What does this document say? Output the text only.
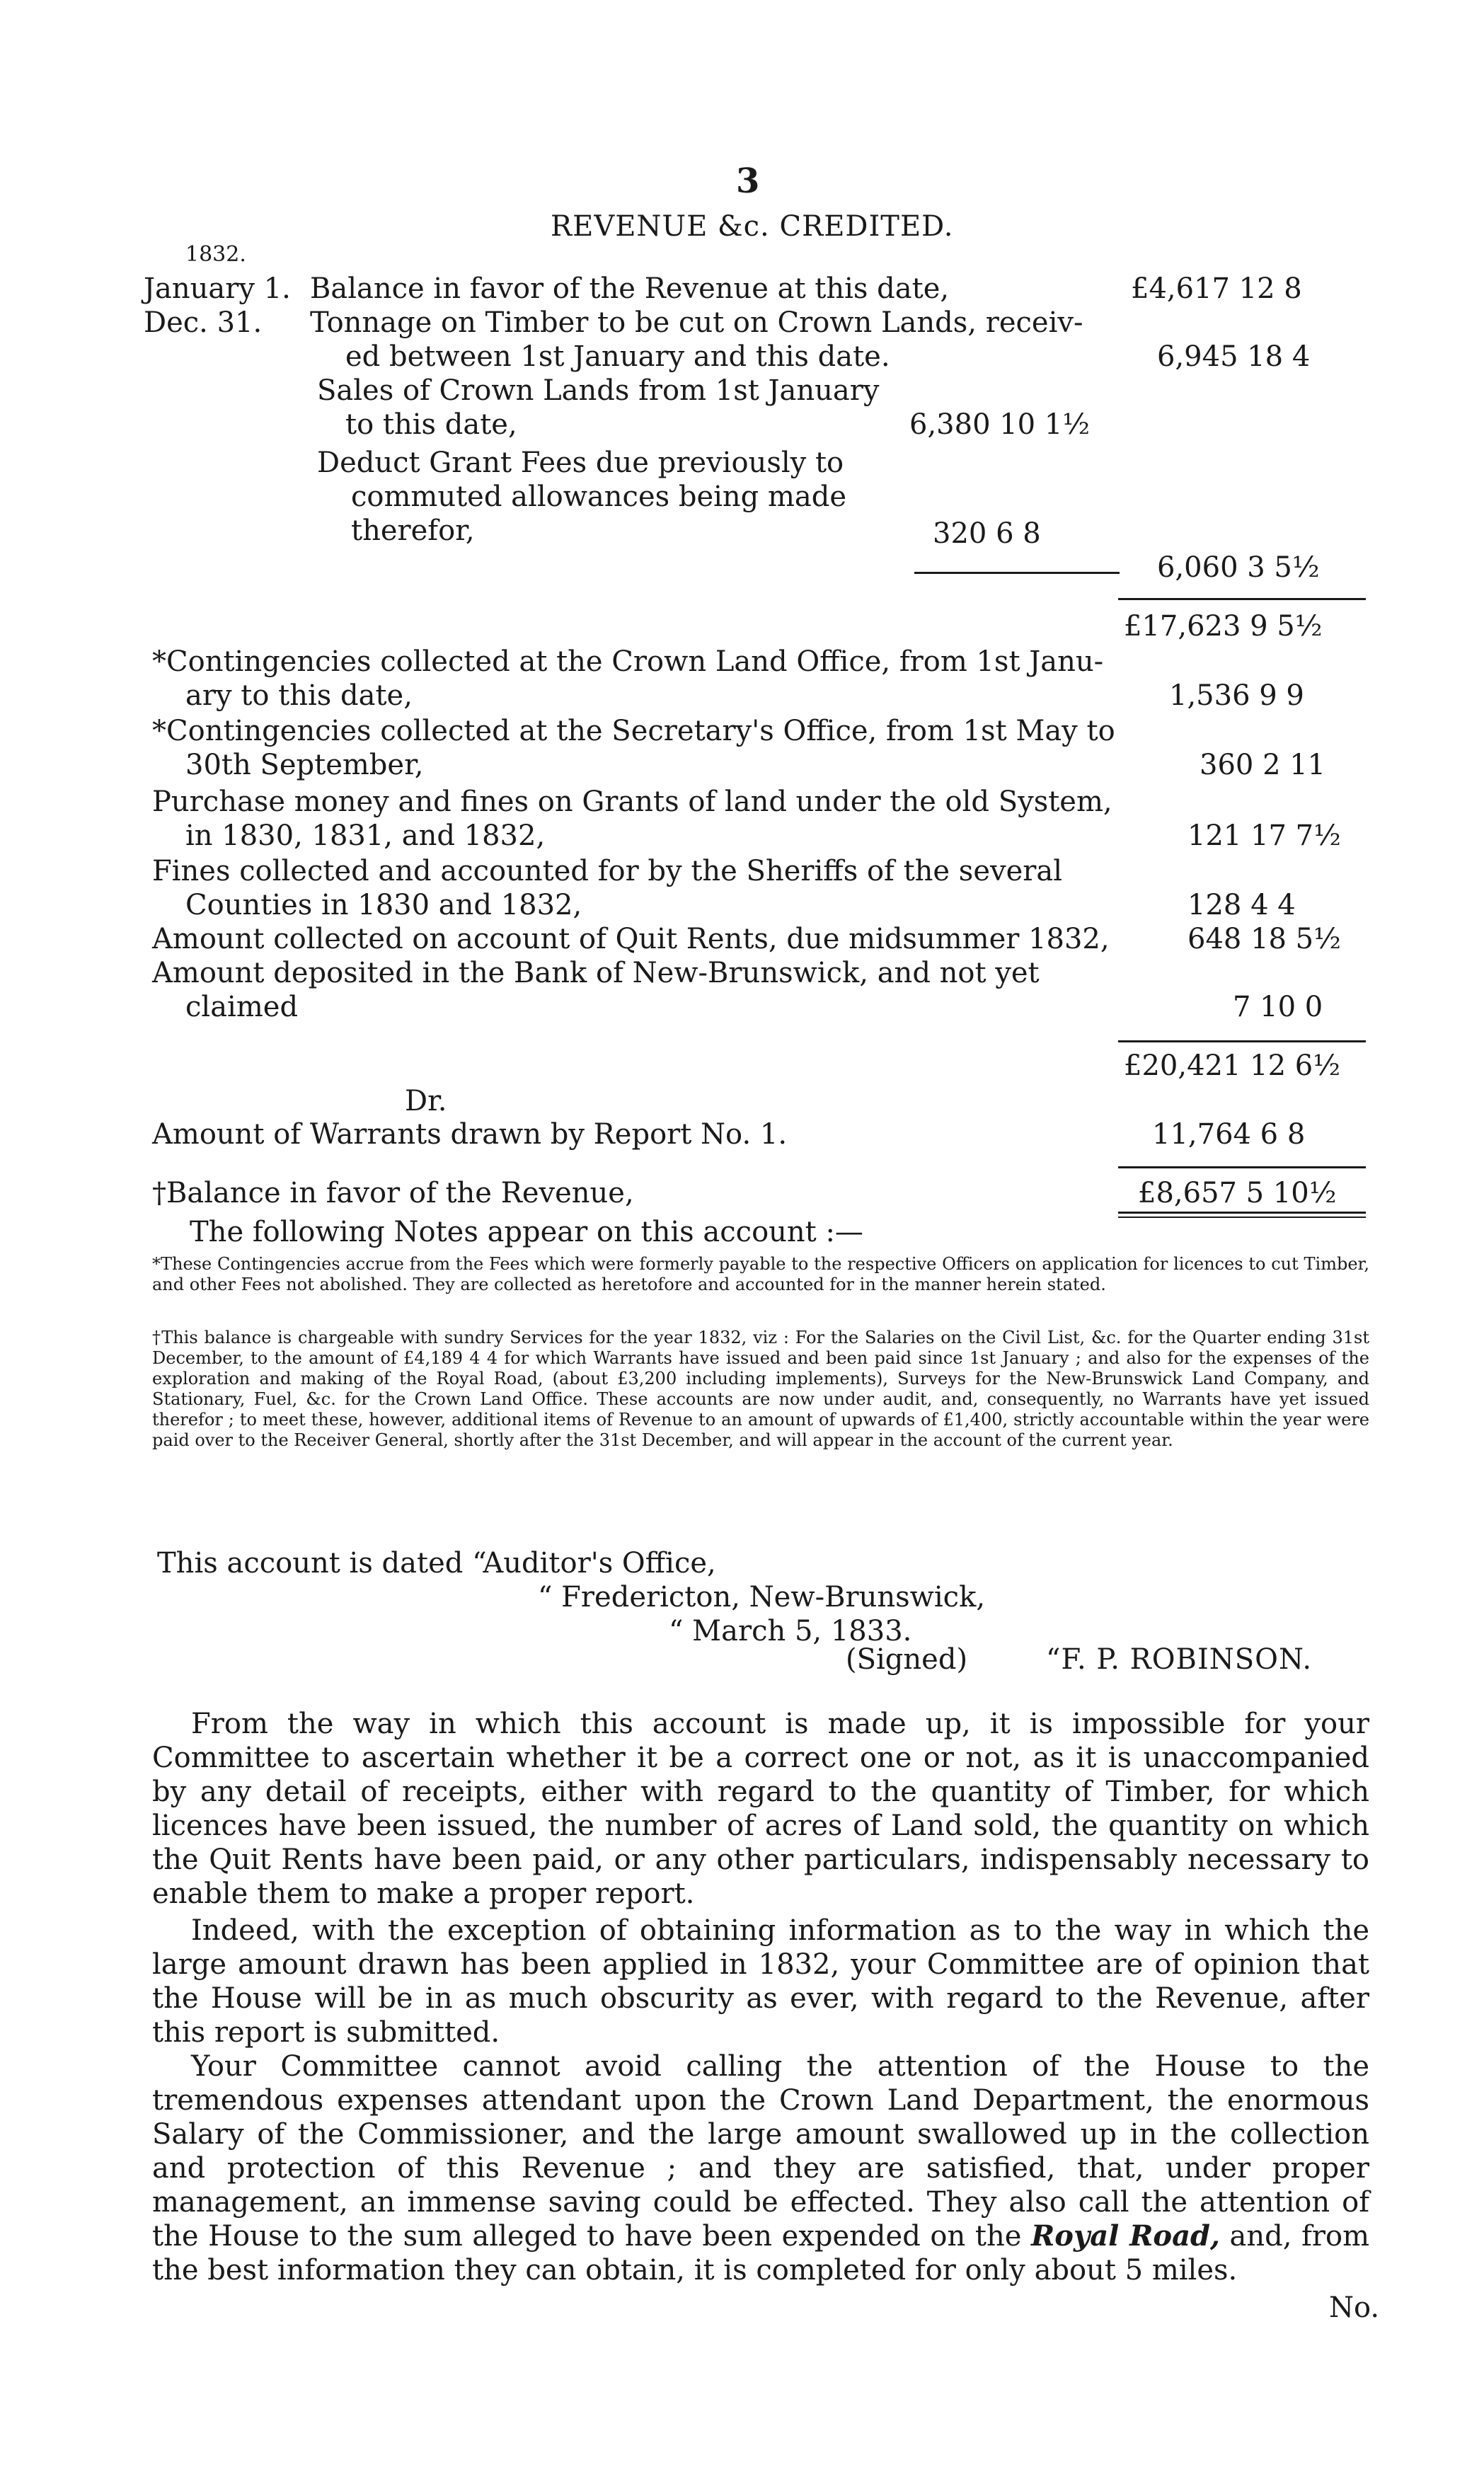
3
REVENUE &c. CREDITED.
1832.
January 1. Balance in favor of the Revenue at this date,	£4,617 12 8
Dec. 31. Tonnage on Timber to be cut on Crown Lands, receiv-
ed between 1st January and this date.	6,945 18 4
Sales of Crown Lands from 1st January
to this date,	6,380 10 1½
Deduct Grant Fees due previously to
commuted allowances being made
therefor,	320 6 8
6,060 3 5½
£17,623 9 5½
*Contingencies collected at the Crown Land Office, from 1st Janu-
ary to this date,	1,536 9 9
*Contingencies collected at the Secretary's Office, from 1st May to
30th September,	360 2 11
Purchase money and fines on Grants of land under the old System,
in 1830, 1831, and 1832,	121 17 7½
Fines collected and accounted for by the Sheriffs of the several
Counties in 1830 and 1832,	128 4 4
Amount collected on account of Quit Rents, due midsummer 1832,	648 18 5½
Amount deposited in the Bank of New-Brunswick, and not yet
claimed	7 10 0
£20,421 12 6½
Dr.
Amount of Warrants drawn by Report No. 1.	11,764 6 8
†Balance in favor of the Revenue,	£8,657 5 10½
The following Notes appear on this account :—
*These Contingencies accrue from the Fees which were formerly payable to the respective Officers on application for licences to cut Timber, and other Fees not abolished. They are collected as heretofore and accounted for in the manner herein stated.
†This balance is chargeable with sundry Services for the year 1832, viz : For the Salaries on the Civil List, &c. for the Quarter ending 31st December, to the amount of £4,189 4 4 for which Warrants have issued and been paid since 1st January ; and also for the expenses of the exploration and making of the Royal Road, (about £3,200 including implements), Surveys for the New-Brunswick Land Company, and Stationary, Fuel, &c. for the Crown Land Office. These accounts are now under audit, and, consequently, no Warrants have yet issued therefor ; to meet these, however, additional items of Revenue to an amount of upwards of £1,400, strictly accountable within the year were paid over to the Receiver General, shortly after the 31st December, and will appear in the account of the current year.
This account is dated “Auditor's Office,
“ Fredericton, New-Brunswick,
“ March 5, 1833.
(Signed)	“F. P. ROBINSON.
From the way in which this account is made up, it is impossible for your Committee to ascertain whether it be a correct one or not, as it is unaccompanied by any detail of receipts, either with regard to the quantity of Timber, for which licences have been issued, the number of acres of Land sold, the quantity on which the Quit Rents have been paid, or any other particulars, indispensably necessary to enable them to make a proper report.
Indeed, with the exception of obtaining information as to the way in which the large amount drawn has been applied in 1832, your Committee are of opinion that the House will be in as much obscurity as ever, with regard to the Revenue, after this report is submitted.
Your Committee cannot avoid calling the attention of the House to the tremendous expenses attendant upon the Crown Land Department, the enormous Salary of the Commissioner, and the large amount swallowed up in the collection and protection of this Revenue ; and they are satisfied, that, under proper management, an immense saving could be effected. They also call the attention of the House to the sum alleged to have been expended on the Royal Road, and, from the best information they can obtain, it is completed for only about 5 miles.
No.
